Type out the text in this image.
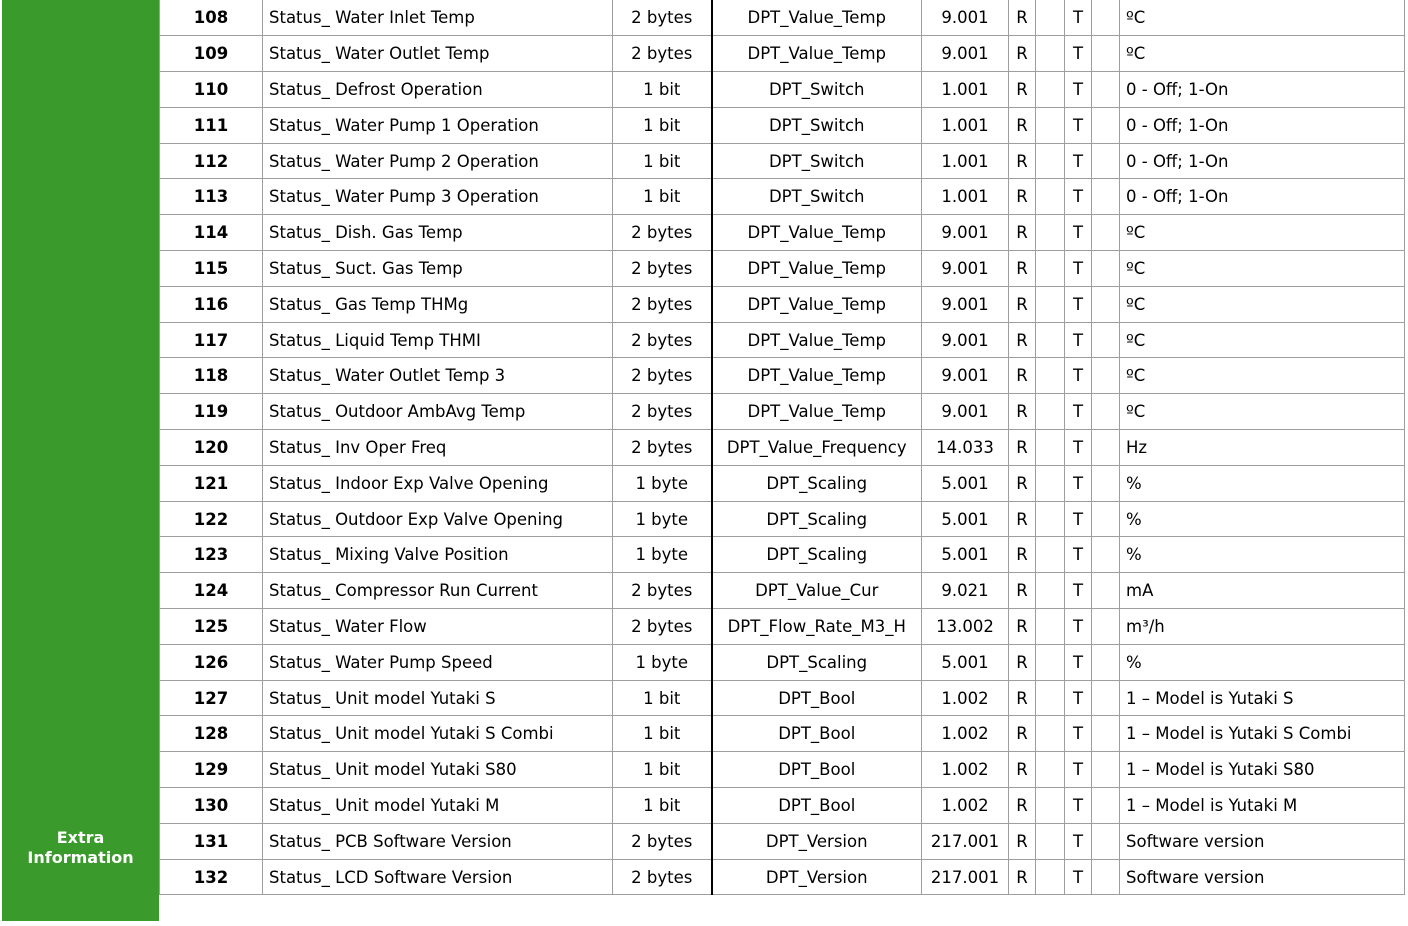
Extra
Information
108	Status_ Water Inlet Temp	2 bytes	DPT_Value_Temp	9.001	R		T		ºC
109	Status_ Water Outlet Temp	2 bytes	DPT_Value_Temp	9.001	R		T		ºC
110	Status_ Defrost Operation	1 bit	DPT_Switch	1.001	R		T		0 - Off; 1-On
111	Status_ Water Pump 1 Operation	1 bit	DPT_Switch	1.001	R		T		0 - Off; 1-On
112	Status_ Water Pump 2 Operation	1 bit	DPT_Switch	1.001	R		T		0 - Off; 1-On
113	Status_ Water Pump 3 Operation	1 bit	DPT_Switch	1.001	R		T		0 - Off; 1-On
114	Status_ Dish. Gas Temp	2 bytes	DPT_Value_Temp	9.001	R		T		ºC
115	Status_ Suct. Gas Temp	2 bytes	DPT_Value_Temp	9.001	R		T		ºC
116	Status_ Gas Temp THMg	2 bytes	DPT_Value_Temp	9.001	R		T		ºC
117	Status_ Liquid Temp THMI	2 bytes	DPT_Value_Temp	9.001	R		T		ºC
118	Status_ Water Outlet Temp 3	2 bytes	DPT_Value_Temp	9.001	R		T		ºC
119	Status_ Outdoor AmbAvg Temp	2 bytes	DPT_Value_Temp	9.001	R		T		ºC
120	Status_ Inv Oper Freq	2 bytes	DPT_Value_Frequency	14.033	R		T		Hz
121	Status_ Indoor Exp Valve Opening	1 byte	DPT_Scaling	5.001	R		T		%
122	Status_ Outdoor Exp Valve Opening	1 byte	DPT_Scaling	5.001	R		T		%
123	Status_ Mixing Valve Position	1 byte	DPT_Scaling	5.001	R		T		%
124	Status_ Compressor Run Current	2 bytes	DPT_Value_Cur	9.021	R		T		mA
125	Status_ Water Flow	2 bytes	DPT_Flow_Rate_M3_H	13.002	R		T		m³/h
126	Status_ Water Pump Speed	1 byte	DPT_Scaling	5.001	R		T		%
127	Status_ Unit model Yutaki S	1 bit	DPT_Bool	1.002	R		T		1 – Model is Yutaki S
128	Status_ Unit model Yutaki S Combi	1 bit	DPT_Bool	1.002	R		T		1 – Model is Yutaki S Combi
129	Status_ Unit model Yutaki S80	1 bit	DPT_Bool	1.002	R		T		1 – Model is Yutaki S80
130	Status_ Unit model Yutaki M	1 bit	DPT_Bool	1.002	R		T		1 – Model is Yutaki M
131	Status_ PCB Software Version	2 bytes	DPT_Version	217.001	R		T		Software version
132	Status_ LCD Software Version	2 bytes	DPT_Version	217.001	R		T		Software version
